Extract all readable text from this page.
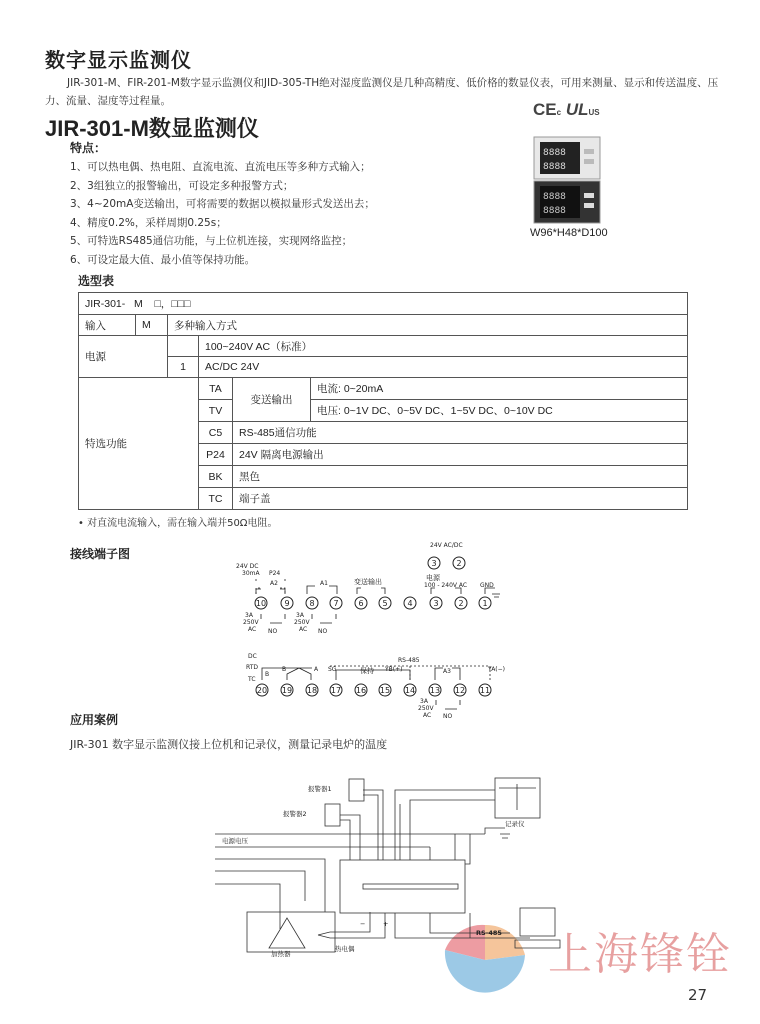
数字显示监测仪
JIR-301-M、FIR-201-M数字显示监测仪和JID-305-TH绝对湿度监测仪是几种高精度、低价格的数显仪表，可用来测量、显示和传送温度、压力、流量、湿度等过程量。
JIR-301-M数显监测仪
特点：
1、可以热电偶、热电阻、直流电流、直流电压等多种方式输入；
2、3组独立的报警输出，可设定多种报警方式；
3、4~20mA变送输出，可将需要的数据以模拟量形式发送出去；
4、精度0.2%，采样周期0.25s；
5、可特选RS485通信功能，与上位机连接，实现网络监控；
6、可设定最大值、最小值等保持功能。
CEc ULUS
8888
8888
8888
8888
W96*H48*D100
选型表
JIR-301- M □，□□□					
输入	M	多种输入方式			
电源			100~240V AC（标准）		
		1	AC/DC 24V		
特选功能			TA	变送输出	电流: 0~20mA
			TV		电压: 0~1V DC、0~5V DC、1~5V DC、0~10V DC
			C5	RS-485通信功能	
			P24	24V 隔离电源输出	
			BK	黑色	
			TC	端子盖	
• 对直流电流输入，需在输入端并50Ω电阻。
接线端子图
上海锋铨
27
10 9 8 7 6 5 4	3 2 1
20 19 18 17 16 15 14 13 12 11
3 2
24V DC
30mA P24
A2	A1	变送输出	电源
100 - 240V AC
24V AC/DC
GND
3A
250V
AC NO
3A
250V
AC NO
DC
RTD
TC
B
B	A SG	保持
RS-485
YB(+)	YA(−)
A3
3A
250V
AC NO
报警器1
报警器2
记录仪
电源电压
加热器
热电偶
−	+
RS-485
应用案例
JIR-301 数字显示监测仪接上位机和记录仪，测量记录电炉的温度
